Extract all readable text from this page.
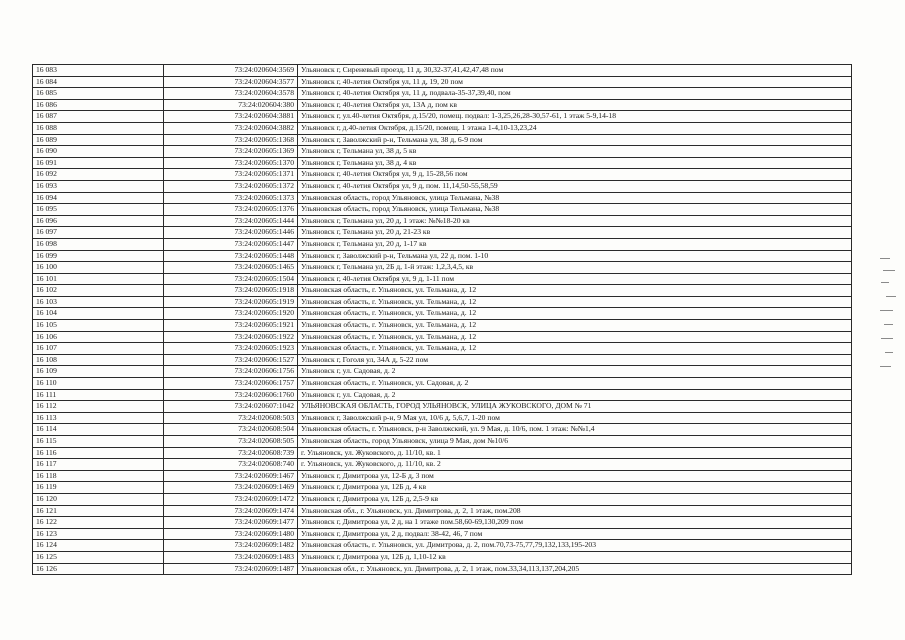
16 083	73:24:020604:3569	Ульяновск г, Сиреневый проезд, 11 д, 30,32-37,41,42,47,48 пом
16 084	73:24:020604:3577	Ульяновск г, 40-летия Октября ул, 11 д, 19, 20 пом
16 085	73:24:020604:3578	Ульяновск г, 40-летия Октября ул, 11 д, подвала-35-37,39,40, пом
16 086	73:24:020604:380	Ульяновск г, 40-летия Октября ул, 13А д, пом кв
16 087	73:24:020604:3881	Ульяновск г, ул.40-летия Октября, д.15/20, помещ. подвал: 1-3,25,26,28-30,57-61, 1 этаж 5-9,14-18
16 088	73:24:020604:3882	Ульяновск г, д.40-летия Октября, д.15/20, помещ. 1 этажа 1-4,10-13,23,24
16 089	73:24:020605:1368	Ульяновск г, Заволжский р-н, Тельмана ул, 38 д, 6-9 пом
16 090	73:24:020605:1369	Ульяновск г, Тельмана ул, 38 д, 5 кв
16 091	73:24:020605:1370	Ульяновск г, Тельмана ул, 38 д, 4 кв
16 092	73:24:020605:1371	Ульяновск г, 40-летия Октября ул, 9 д, 15-28,56 пом
16 093	73:24:020605:1372	Ульяновск г, 40-летия Октября ул, 9 д, пом. 11,14,50-55,58,59
16 094	73:24:020605:1373	Ульяновская область, город Ульяновск, улица Тельмана, №38
16 095	73:24:020605:1376	Ульяновская область, город Ульяновск, улица Тельмана, №38
16 096	73:24:020605:1444	Ульяновск г, Тельмана ул, 20 д, 1 этаж: №№18-20 кв
16 097	73:24:020605:1446	Ульяновск г, Тельмана ул, 20 д, 21-23 кв
16 098	73:24:020605:1447	Ульяновск г, Тельмана ул, 20 д, 1-17 кв
16 099	73:24:020605:1448	Ульяновск г, Заволжский р-н, Тельмана ул, 22 д, пом. 1-10
16 100	73:24:020605:1465	Ульяновск г, Тельмана ул, 2Б д, 1-й этаж: 1,2,3,4,5, кв
16 101	73:24:020605:1504	Ульяновск г, 40-летия Октября ул, 9 д, 1-11 пом
16 102	73:24:020605:1918	Ульяновская область, г. Ульяновск, ул. Тельмана, д. 12
16 103	73:24:020605:1919	Ульяновская область, г. Ульяновск, ул. Тельмана, д. 12
16 104	73:24:020605:1920	Ульяновская область, г. Ульяновск, ул. Тельмана, д. 12
16 105	73:24:020605:1921	Ульяновская область, г. Ульяновск, ул. Тельмана, д. 12
16 106	73:24:020605:1922	Ульяновская область, г. Ульяновск, ул. Тельмана, д. 12
16 107	73:24:020605:1923	Ульяновская область, г. Ульяновск, ул. Тельмана, д. 12
16 108	73:24:020606:1527	Ульяновск г, Гоголя ул, 34А д, 5-22 пом
16 109	73:24:020606:1756	Ульяновск г, ул. Садовая, д. 2
16 110	73:24:020606:1757	Ульяновская область, г. Ульяновск, ул. Садовая, д. 2
16 111	73:24:020606:1760	Ульяновск г, ул. Садовая, д. 2
16 112	73:24:020607:1042	УЛЬЯНОВСКАЯ ОБЛАСТЬ, ГОРОД УЛЬЯНОВСК, УЛИЦА ЖУКОВСКОГО, ДОМ № 71
16 113	73:24:020608:503	Ульяновск г, Заволжский р-н, 9 Мая ул, 10/6 д, 5,6,7, 1-20 пом
16 114	73:24:020608:504	Ульяновская область, г. Ульяновск, р-н Заволжский, ул. 9 Мая, д. 10/6, пом. 1 этаж: №№1,4
16 115	73:24:020608:505	Ульяновская область, город Ульяновск, улица 9 Мая, дом №10/6
16 116	73:24:020608:739	г. Ульяновск, ул. Жуковского, д. 11/10, кв. 1
16 117	73:24:020608:740	г. Ульяновск, ул. Жуковского, д. 11/10, кв. 2
16 118	73:24:020609:1467	Ульяновск г, Димитрова ул, 12-Б д, 3 пом
16 119	73:24:020609:1469	Ульяновск г, Димитрова ул, 12Б д, 4 кв
16 120	73:24:020609:1472	Ульяновск г, Димитрова ул, 12Б д, 2,5-9 кв
16 121	73:24:020609:1474	Ульяновская обл., г. Ульяновск, ул. Димитрова, д. 2, 1 этаж, пом.208
16 122	73:24:020609:1477	Ульяновск г, Димитрова ул, 2 д, на 1 этаже пом.58,60-69,130,209 пом
16 123	73:24:020609:1480	Ульяновск г, Димитрова ул, 2 д, подвал: 38-42, 46, 7 пом
16 124	73:24:020609:1482	Ульяновская область, г. Ульяновск, ул. Димитрова, д. 2, пом.70,73-75,77,79,132,133,195-203
16 125	73:24:020609:1483	Ульяновск г, Димитрова ул, 12Б д, 1,10-12 кв
16 126	73:24:020609:1487	Ульяновская обл., г. Ульяновск, ул. Димитрова, д. 2, 1 этаж, пом.33,34,113,137,204,205
